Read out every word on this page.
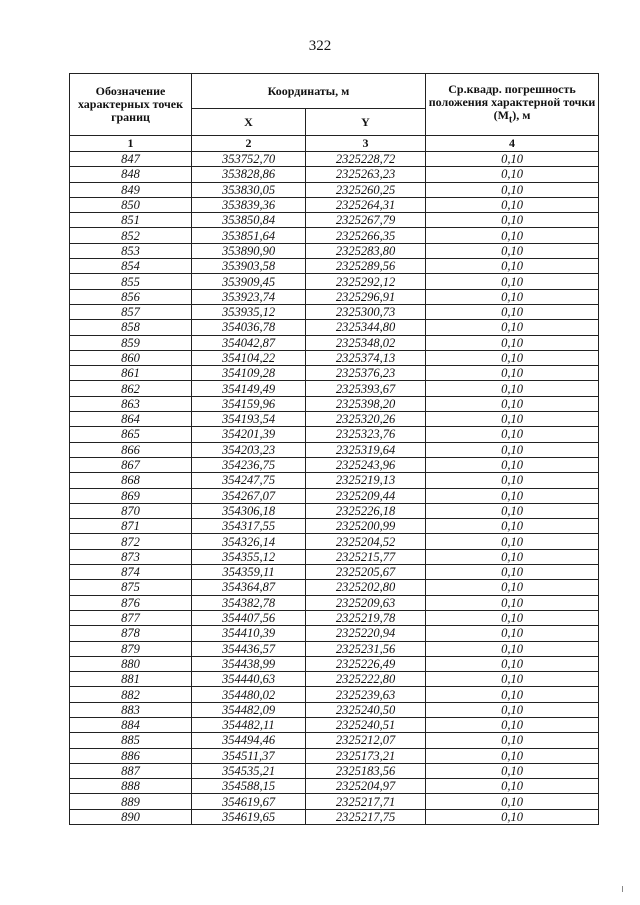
322
Обозначение характерных точек границ	Координаты, м		Ср.квадр. погрешность положения характерной точки $(M_t)$, м
	X	Y	
1	2	3	4
847	353752,70	2325228,72	0,10
848	353828,86	2325263,23	0,10
849	353830,05	2325260,25	0,10
850	353839,36	2325264,31	0,10
851	353850,84	2325267,79	0,10
852	353851,64	2325266,35	0,10
853	353890,90	2325283,80	0,10
854	353903,58	2325289,56	0,10
855	353909,45	2325292,12	0,10
856	353923,74	2325296,91	0,10
857	353935,12	2325300,73	0,10
858	354036,78	2325344,80	0,10
859	354042,87	2325348,02	0,10
860	354104,22	2325374,13	0,10
861	354109,28	2325376,23	0,10
862	354149,49	2325393,67	0,10
863	354159,96	2325398,20	0,10
864	354193,54	2325320,26	0,10
865	354201,39	2325323,76	0,10
866	354203,23	2325319,64	0,10
867	354236,75	2325243,96	0,10
868	354247,75	2325219,13	0,10
869	354267,07	2325209,44	0,10
870	354306,18	2325226,18	0,10
871	354317,55	2325200,99	0,10
872	354326,14	2325204,52	0,10
873	354355,12	2325215,77	0,10
874	354359,11	2325205,67	0,10
875	354364,87	2325202,80	0,10
876	354382,78	2325209,63	0,10
877	354407,56	2325219,78	0,10
878	354410,39	2325220,94	0,10
879	354436,57	2325231,56	0,10
880	354438,99	2325226,49	0,10
881	354440,63	2325222,80	0,10
882	354480,02	2325239,63	0,10
883	354482,09	2325240,50	0,10
884	354482,11	2325240,51	0,10
885	354494,46	2325212,07	0,10
886	354511,37	2325173,21	0,10
887	354535,21	2325183,56	0,10
888	354588,15	2325204,97	0,10
889	354619,67	2325217,71	0,10
890	354619,65	2325217,75	0,10
